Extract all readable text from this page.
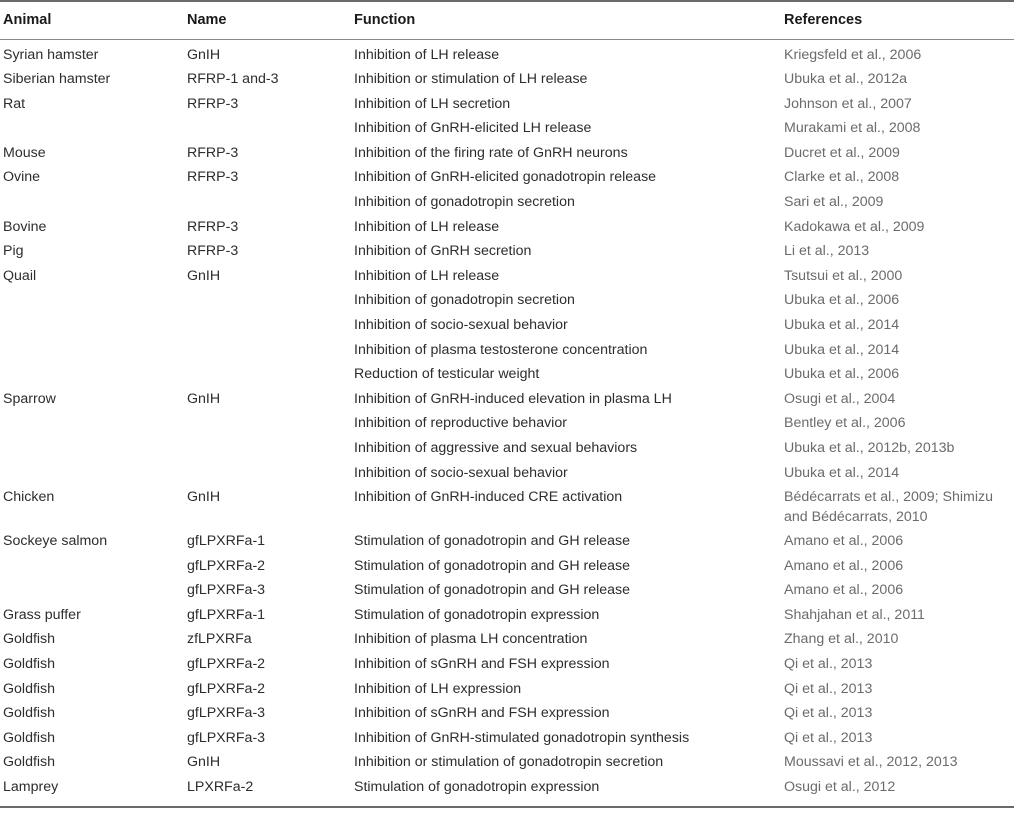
Animal	Name	Function	References
Syrian hamster	GnIH	Inhibition of LH release	Kriegsfeld et al., 2006
Siberian hamster	RFRP-1 and-3	Inhibition or stimulation of LH release	Ubuka et al., 2012a
Rat	RFRP-3	Inhibition of LH secretion	Johnson et al., 2007
		Inhibition of GnRH-elicited LH release	Murakami et al., 2008
Mouse	RFRP-3	Inhibition of the firing rate of GnRH neurons	Ducret et al., 2009
Ovine	RFRP-3	Inhibition of GnRH-elicited gonadotropin release	Clarke et al., 2008
		Inhibition of gonadotropin secretion	Sari et al., 2009
Bovine	RFRP-3	Inhibition of LH release	Kadokawa et al., 2009
Pig	RFRP-3	Inhibition of GnRH secretion	Li et al., 2013
Quail	GnIH	Inhibition of LH release	Tsutsui et al., 2000
		Inhibition of gonadotropin secretion	Ubuka et al., 2006
		Inhibition of socio-sexual behavior	Ubuka et al., 2014
		Inhibition of plasma testosterone concentration	Ubuka et al., 2014
		Reduction of testicular weight	Ubuka et al., 2006
Sparrow	GnIH	Inhibition of GnRH-induced elevation in plasma LH	Osugi et al., 2004
		Inhibition of reproductive behavior	Bentley et al., 2006
		Inhibition of aggressive and sexual behaviors	Ubuka et al., 2012b, 2013b
		Inhibition of socio-sexual behavior	Ubuka et al., 2014
Chicken	GnIH	Inhibition of GnRH-induced CRE activation	Bédécarrats et al., 2009; Shimizu and Bédécarrats, 2010
Sockeye salmon	gfLPXRFa-1	Stimulation of gonadotropin and GH release	Amano et al., 2006
	gfLPXRFa-2	Stimulation of gonadotropin and GH release	Amano et al., 2006
	gfLPXRFa-3	Stimulation of gonadotropin and GH release	Amano et al., 2006
Grass puffer	gfLPXRFa-1	Stimulation of gonadotropin expression	Shahjahan et al., 2011
Goldfish	zfLPXRFa	Inhibition of plasma LH concentration	Zhang et al., 2010
Goldfish	gfLPXRFa-2	Inhibition of sGnRH and FSH expression	Qi et al., 2013
Goldfish	gfLPXRFa-2	Inhibition of LH expression	Qi et al., 2013
Goldfish	gfLPXRFa-3	Inhibition of sGnRH and FSH expression	Qi et al., 2013
Goldfish	gfLPXRFa-3	Inhibition of GnRH-stimulated gonadotropin synthesis	Qi et al., 2013
Goldfish	GnIH	Inhibition or stimulation of gonadotropin secretion	Moussavi et al., 2012, 2013
Lamprey	LPXRFa-2	Stimulation of gonadotropin expression	Osugi et al., 2012
